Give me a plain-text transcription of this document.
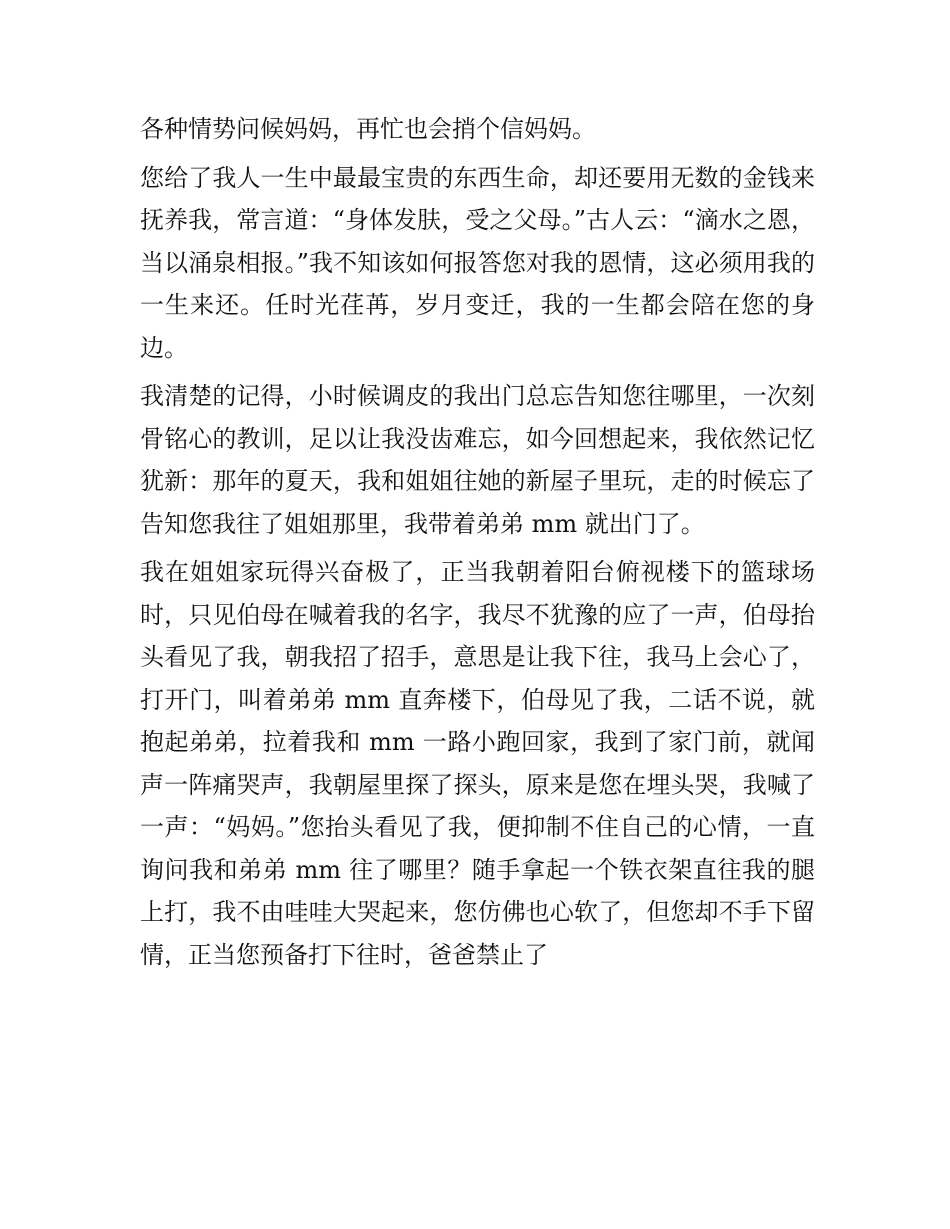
各种情势问候妈妈，再忙也会捎个信妈妈。

您给了我人一生中最最宝贵的东西生命，却还要用无数的金钱来抚养我，常言道：“身体发肤，受之父母。”古人云：“滴水之恩，当以涌泉相报。”我不知该如何报答您对我的恩情，这必须用我的一生来还。任时光荏苒，岁月变迁，我的一生都会陪在您的身边。

我清楚的记得，小时候调皮的我出门总忘告知您往哪里，一次刻骨铭心的教训，足以让我没齿难忘，如今回想起来，我依然记忆犹新：那年的夏天，我和姐姐往她的新屋子里玩，走的时候忘了告知您我往了姐姐那里，我带着弟弟 mm 就出门了。

我在姐姐家玩得兴奋极了，正当我朝着阳台俯视楼下的篮球场时，只见伯母在喊着我的名字，我尽不犹豫的应了一声，伯母抬头看见了我，朝我招了招手，意思是让我下往，我马上会心了，打开门，叫着弟弟 mm 直奔楼下，伯母见了我，二话不说，就抱起弟弟，拉着我和 mm 一路小跑回家，我到了家门前，就闻声一阵痛哭声，我朝屋里探了探头，原来是您在埋头哭，我喊了一声：“妈妈。”您抬头看见了我，便抑制不住自己的心情，一直询问我和弟弟 mm 往了哪里？随手拿起一个铁衣架直往我的腿上打，我不由哇哇大哭起来，您仿佛也心软了，但您却不手下留情，正当您预备打下往时，爸爸禁止了
